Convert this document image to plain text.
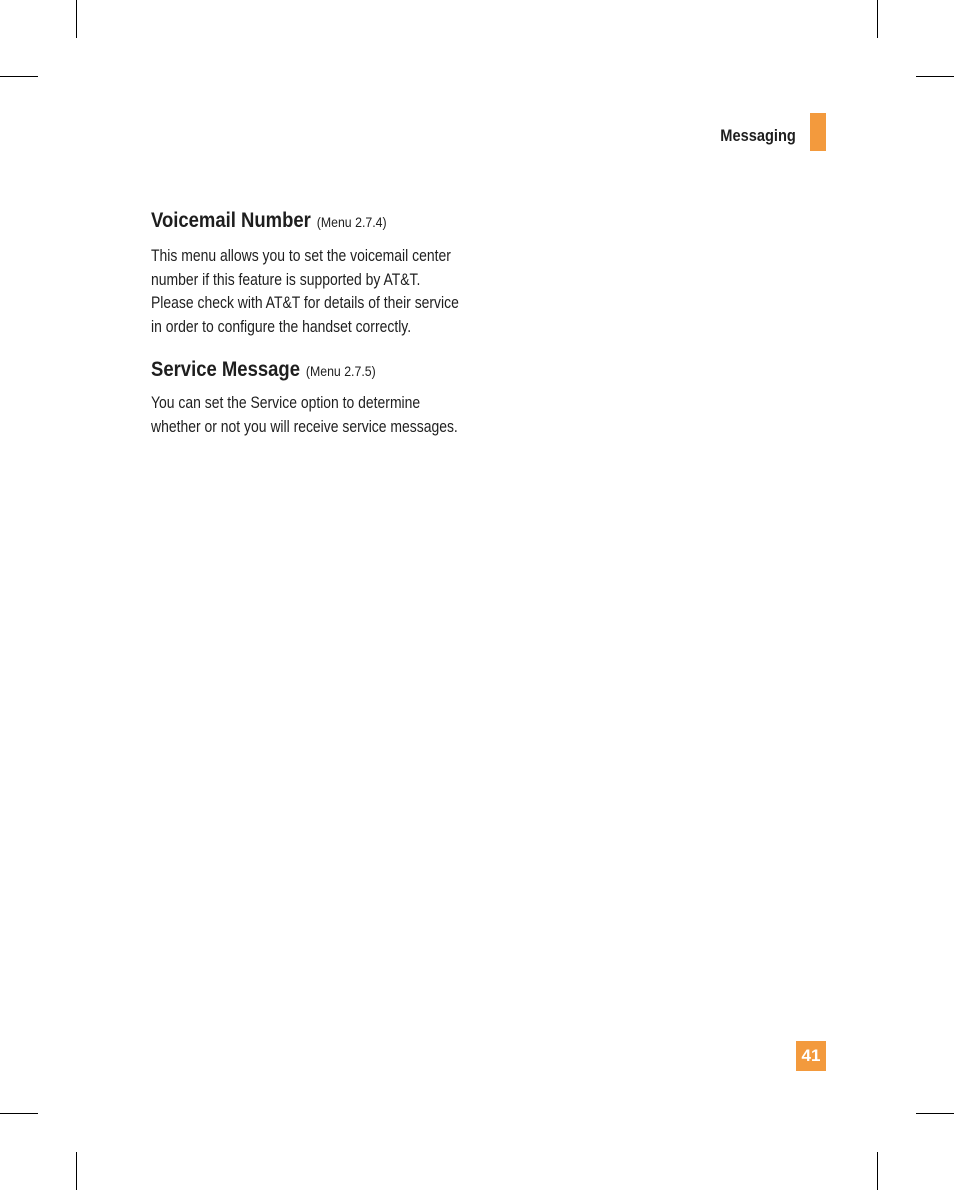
Messaging
Voicemail Number (Menu 2.7.4)

This menu allows you to set the voicemail center

number if this feature is supported by AT&T.

Please check with AT&T for details of their service

in order to configure the handset correctly.

Service Message (Menu 2.7.5)

You can set the Service option to determine

whether or not you will receive service messages.

41
